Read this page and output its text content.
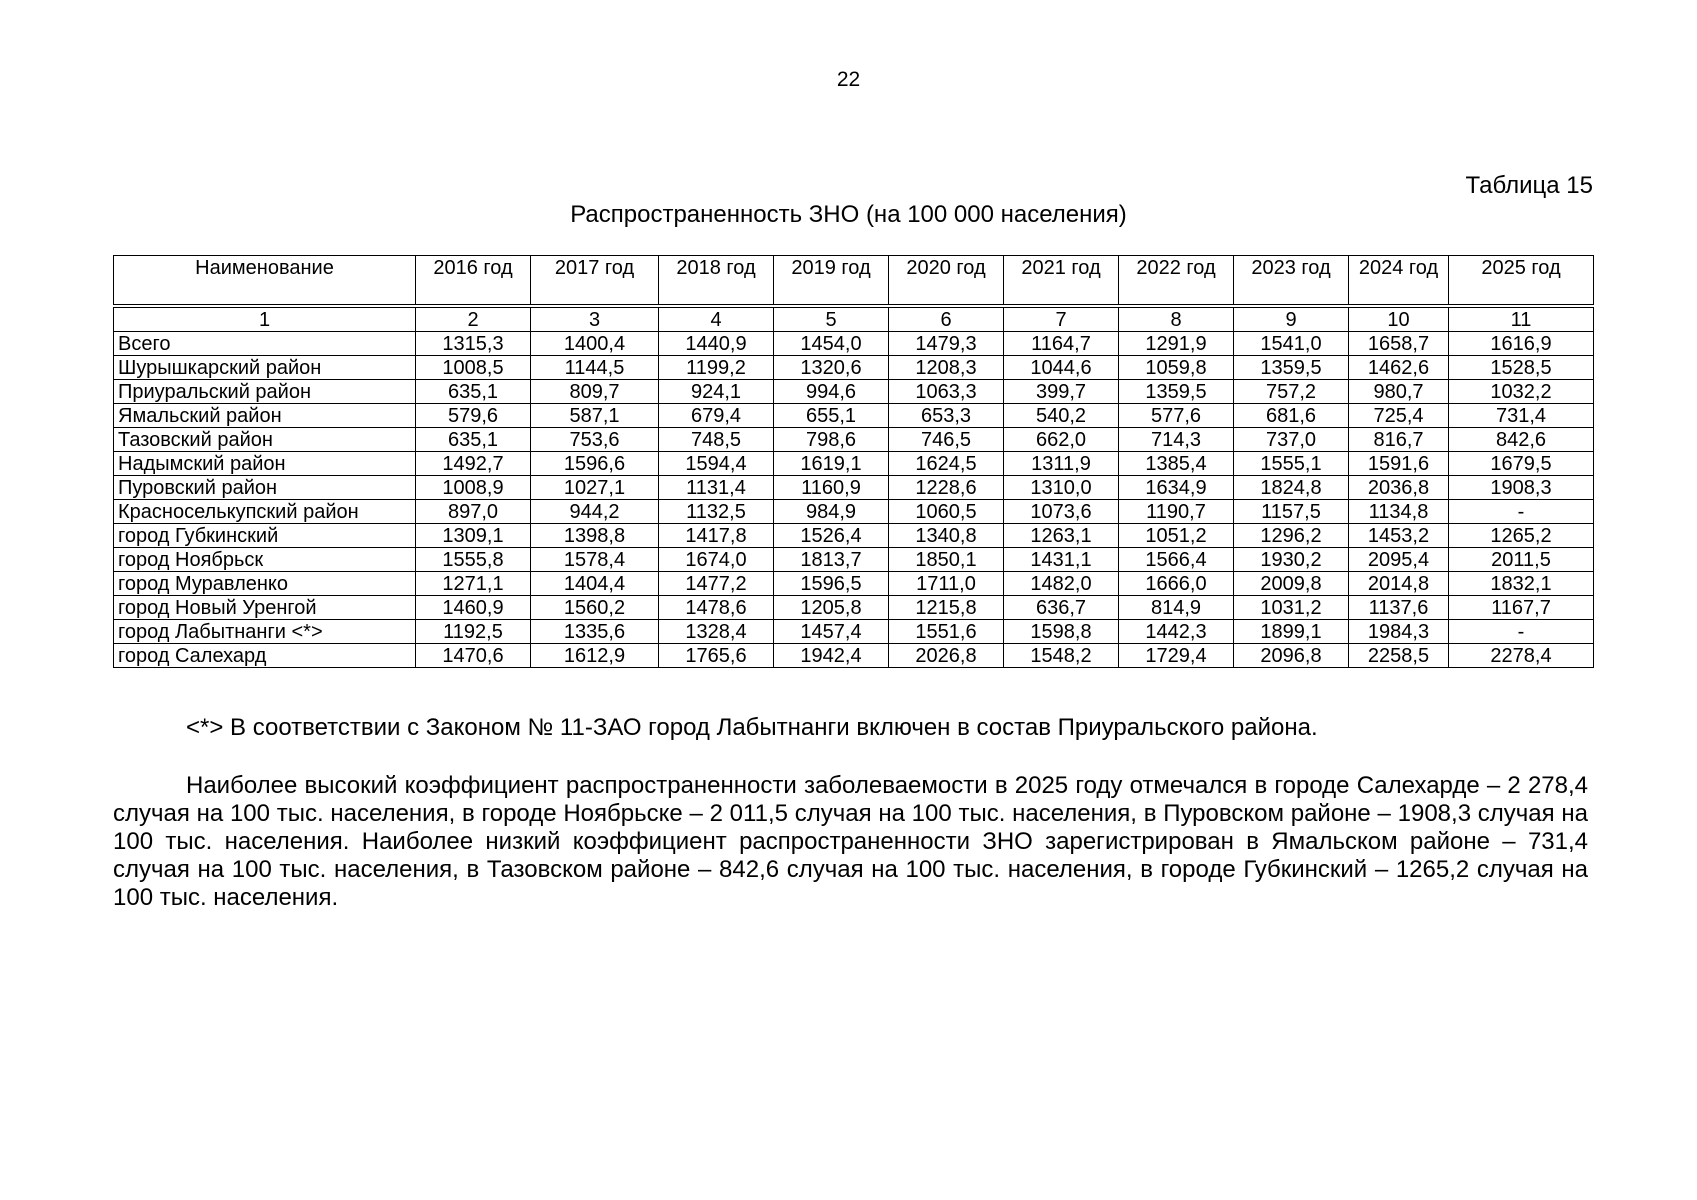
22
Таблица 15
Распространенность ЗНО (на 100 000 населения)
Наименование	2016 год	2017 год	2018 год	2019 год	2020 год	2021 год	2022 год	2023 год	2024 год	2025 год
1	2	3	4	5	6	7	8	9	10	11
Всего	1315,3	1400,4	1440,9	1454,0	1479,3	1164,7	1291,9	1541,0	1658,7	1616,9
Шурышкарский район	1008,5	1144,5	1199,2	1320,6	1208,3	1044,6	1059,8	1359,5	1462,6	1528,5
Приуральский район	635,1	809,7	924,1	994,6	1063,3	399,7	1359,5	757,2	980,7	1032,2
Ямальский район	579,6	587,1	679,4	655,1	653,3	540,2	577,6	681,6	725,4	731,4
Тазовский район	635,1	753,6	748,5	798,6	746,5	662,0	714,3	737,0	816,7	842,6
Надымский район	1492,7	1596,6	1594,4	1619,1	1624,5	1311,9	1385,4	1555,1	1591,6	1679,5
Пуровский район	1008,9	1027,1	1131,4	1160,9	1228,6	1310,0	1634,9	1824,8	2036,8	1908,3
Красноселькупский район	897,0	944,2	1132,5	984,9	1060,5	1073,6	1190,7	1157,5	1134,8	-
город Губкинский	1309,1	1398,8	1417,8	1526,4	1340,8	1263,1	1051,2	1296,2	1453,2	1265,2
город Ноябрьск	1555,8	1578,4	1674,0	1813,7	1850,1	1431,1	1566,4	1930,2	2095,4	2011,5
город Муравленко	1271,1	1404,4	1477,2	1596,5	1711,0	1482,0	1666,0	2009,8	2014,8	1832,1
город Новый Уренгой	1460,9	1560,2	1478,6	1205,8	1215,8	636,7	814,9	1031,2	1137,6	1167,7
город Лабытнанги <*>	1192,5	1335,6	1328,4	1457,4	1551,6	1598,8	1442,3	1899,1	1984,3	-
город Салехард	1470,6	1612,9	1765,6	1942,4	2026,8	1548,2	1729,4	2096,8	2258,5	2278,4
<*> В соответствии с Законом № 11-ЗАО город Лабытнанги включен в состав Приуральского района.

Наиболее высокий коэффициент распространенности заболеваемости в 2025 году отмечался в городе Салехарде – 2 278,4 случая на 100 тыс. населения, в городе Ноябрьске – 2 011,5 случая на 100 тыс. населения, в Пуровском районе – 1908,3 случая на 100 тыс. населения. Наиболее низкий коэффициент распространенности ЗНО зарегистрирован в Ямальском районе – 731,4 случая на 100 тыс. населения, в Тазовском районе – 842,6 случая на 100 тыс. населения, в городе Губкинский – 1265,2 случая на 100 тыс. населения.
